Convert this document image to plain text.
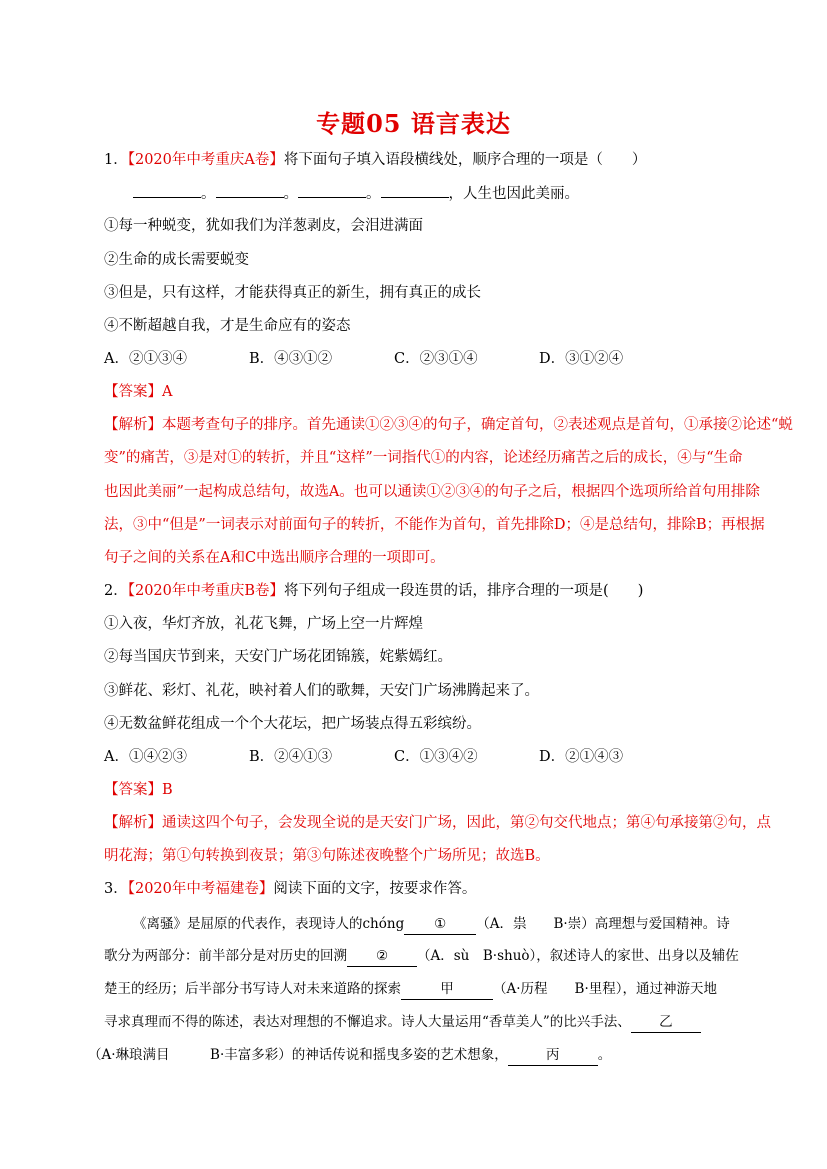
专题05 语言表达
1．【2020年中考重庆A卷】将下面句子填入语段横线处，顺序合理的一项是（　　）
。	。	。	，人生也因此美丽。
①每一种蜕变，犹如我们为洋葱剥皮，会泪进满面
②生命的成长需要蜕变
③但是，只有这样，才能获得真正的新生，拥有真正的成长
④不断超越自我，才是生命应有的姿态
A．②①③④	B．④③①②	C．②③①④	D．③①②④
【答案】A
【解析】本题考查句子的排序。首先通读①②③④的句子，确定首句，②表述观点是首句，①承接②论述“蜕
变”的痛苦，③是对①的转折，并且“这样”一词指代①的内容，论述经历痛苦之后的成长，④与“生命
也因此美丽”一起构成总结句，故选A。也可以通读①②③④的句子之后，根据四个选项所给首句用排除
法，③中“但是”一词表示对前面句子的转折，不能作为首句，首先排除D；④是总结句，排除B；再根据
句子之间的关系在A和C中选出顺序合理的一项即可。
2．【2020年中考重庆B卷】将下列句子组成一段连贯的话，排序合理的一项是(　　)
①入夜，华灯齐放，礼花飞舞，广场上空一片辉煌
②每当国庆节到来，天安门广场花团锦簇，姹紫嫣红。
③鲜花、彩灯、礼花，映衬着人们的歌舞，天安门广场沸腾起来了。
④无数盆鲜花组成一个个大花坛，把广场装点得五彩缤纷。
A．①④②③	B．②④①③	C．①③④②	D．②①④③
【答案】B
【解析】通读这四个句子，会发现全说的是天安门广场，因此，第②句交代地点；第④句承接第②句，点
明花海；第①句转换到夜景；第③句陈述夜晚整个广场所见；故选B。
3．【2020年中考福建卷】阅读下面的文字，按要求作答。
《离骚》是屈原的代表作，表现诗人的chóng ① （A．祟　　B·崇）高理想与爱国精神。诗
歌分为两部分：前半部分是对历史的回溯 ② （A．sù　B·shuò），叙述诗人的家世、出身以及辅佐
楚王的经历；后半部分书写诗人对未来道路的探索	甲	（A·历程　　B·里程），通过神游天地
寻求真理而不得的陈述，表达对理想的不懈追求。诗人大量运用“香草美人”的比兴手法、 乙
（A·琳琅满目　　　B·丰富多彩）的神话传说和摇曳多姿的艺术想象，	丙	。
